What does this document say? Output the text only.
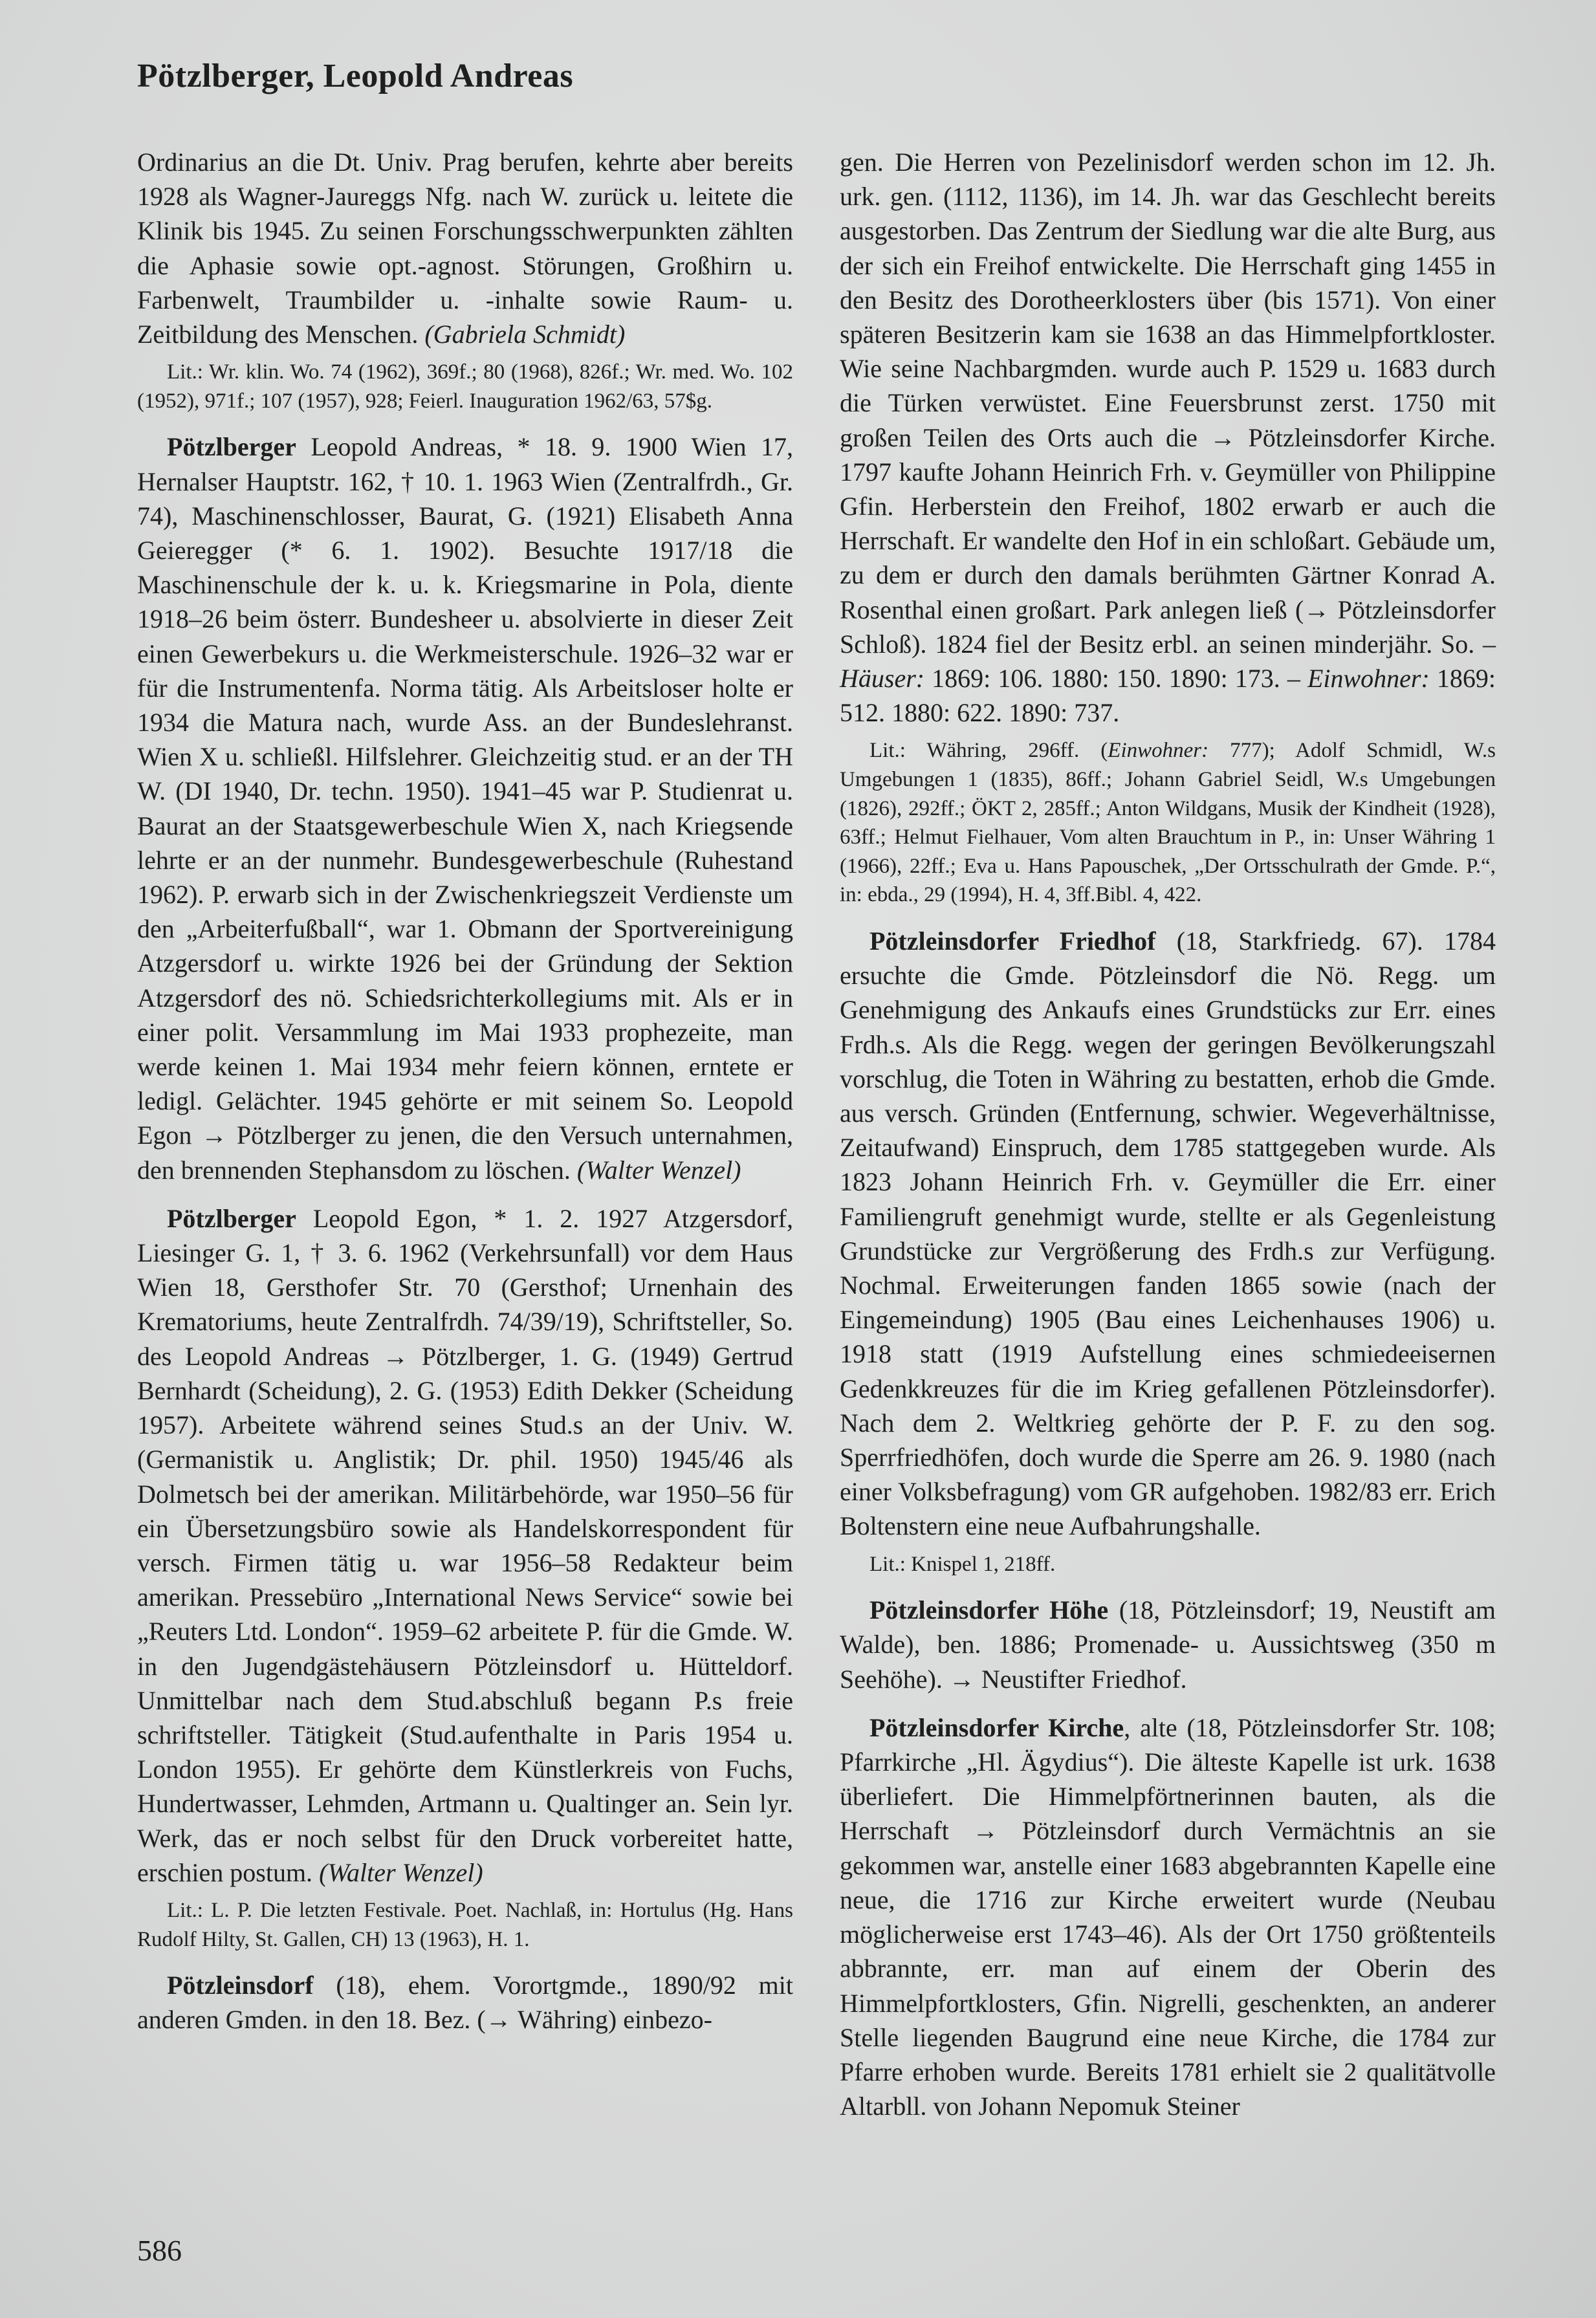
Pötzlberger, Leopold Andreas

Ordinarius an die Dt. Univ. Prag berufen, kehrte aber bereits 1928 als Wagner-Jaureggs Nfg. nach W. zurück u. leitete die Klinik bis 1945. Zu seinen Forschungsschwerpunkten zählten die Aphasie sowie opt.-agnost. Störungen, Großhirn u. Farbenwelt, Traumbilder u. -inhalte sowie Raum- u. Zeitbildung des Menschen. (Gabriela Schmidt)

Lit.: Wr. klin. Wo. 74 (1962), 369f.; 80 (1968), 826f.; Wr. med. Wo. 102 (1952), 971f.; 107 (1957), 928; Feierl. Inauguration 1962/63, 57$g.

Pötzlberger Leopold Andreas, * 18. 9. 1900 Wien 17, Hernalser Hauptstr. 162, † 10. 1. 1963 Wien (Zentralfrdh., Gr. 74), Maschinenschlosser, Baurat, G. (1921) Elisabeth Anna Geieregger (* 6. 1. 1902). Besuchte 1917/18 die Maschinenschule der k. u. k. Kriegsmarine in Pola, diente 1918–26 beim österr. Bundesheer u. absolvierte in dieser Zeit einen Gewerbekurs u. die Werkmeisterschule. 1926–32 war er für die Instrumentenfa. Norma tätig. Als Arbeitsloser holte er 1934 die Matura nach, wurde Ass. an der Bundeslehranst. Wien X u. schließl. Hilfslehrer. Gleichzeitig stud. er an der TH W. (DI 1940, Dr. techn. 1950). 1941–45 war P. Studienrat u. Baurat an der Staatsgewerbeschule Wien X, nach Kriegsende lehrte er an der nunmehr. Bundesgewerbeschule (Ruhestand 1962). P. erwarb sich in der Zwischenkriegszeit Verdienste um den „Arbeiterfußball“, war 1. Obmann der Sportvereinigung Atzgersdorf u. wirkte 1926 bei der Gründung der Sektion Atzgersdorf des nö. Schiedsrichterkollegiums mit. Als er in einer polit. Versammlung im Mai 1933 prophezeite, man werde keinen 1. Mai 1934 mehr feiern können, erntete er ledigl. Gelächter. 1945 gehörte er mit seinem So. Leopold Egon → Pötzlberger zu jenen, die den Versuch unternahmen, den brennenden Stephansdom zu löschen. (Walter Wenzel)

Pötzlberger Leopold Egon, * 1. 2. 1927 Atzgersdorf, Liesinger G. 1, † 3. 6. 1962 (Verkehrsunfall) vor dem Haus Wien 18, Gersthofer Str. 70 (Gersthof; Urnenhain des Krematoriums, heute Zentralfrdh. 74/39/19), Schriftsteller, So. des Leopold Andreas → Pötzlberger, 1. G. (1949) Gertrud Bernhardt (Scheidung), 2. G. (1953) Edith Dekker (Scheidung 1957). Arbeitete während seines Stud.s an der Univ. W. (Germanistik u. Anglistik; Dr. phil. 1950) 1945/46 als Dolmetsch bei der amerikan. Militärbehörde, war 1950–56 für ein Übersetzungsbüro sowie als Handelskorrespondent für versch. Firmen tätig u. war 1956–58 Redakteur beim amerikan. Pressebüro „International News Service“ sowie bei „Reuters Ltd. London“. 1959–62 arbeitete P. für die Gmde. W. in den Jugendgästehäusern Pötzleinsdorf u. Hütteldorf. Unmittelbar nach dem Stud.abschluß begann P.s freie schriftsteller. Tätigkeit (Stud.aufenthalte in Paris 1954 u. London 1955). Er gehörte dem Künstlerkreis von Fuchs, Hundertwasser, Lehmden, Artmann u. Qualtinger an. Sein lyr. Werk, das er noch selbst für den Druck vorbereitet hatte, erschien postum. (Walter Wenzel)

Lit.: L. P. Die letzten Festivale. Poet. Nachlaß, in: Hortulus (Hg. Hans Rudolf Hilty, St. Gallen, CH) 13 (1963), H. 1.

Pötzleinsdorf (18), ehem. Vorortgmde., 1890/92 mit anderen Gmden. in den 18. Bez. (→ Währing) einbezo-

gen. Die Herren von Pezelinisdorf werden schon im 12. Jh. urk. gen. (1112, 1136), im 14. Jh. war das Geschlecht bereits ausgestorben. Das Zentrum der Siedlung war die alte Burg, aus der sich ein Freihof entwickelte. Die Herrschaft ging 1455 in den Besitz des Dorotheerklosters über (bis 1571). Von einer späteren Besitzerin kam sie 1638 an das Himmelpfortkloster. Wie seine Nachbargmden. wurde auch P. 1529 u. 1683 durch die Türken verwüstet. Eine Feuersbrunst zerst. 1750 mit großen Teilen des Orts auch die → Pötzleinsdorfer Kirche. 1797 kaufte Johann Heinrich Frh. v. Geymüller von Philippine Gfin. Herberstein den Freihof, 1802 erwarb er auch die Herrschaft. Er wandelte den Hof in ein schloßart. Gebäude um, zu dem er durch den damals berühmten Gärtner Konrad A. Rosenthal einen großart. Park anlegen ließ (→ Pötzleinsdorfer Schloß). 1824 fiel der Besitz erbl. an seinen minderjähr. So. – Häuser: 1869: 106. 1880: 150. 1890: 173. – Einwohner: 1869: 512. 1880: 622. 1890: 737.

Lit.: Währing, 296ff. (Einwohner: 777); Adolf Schmidl, W.s Umgebungen 1 (1835), 86ff.; Johann Gabriel Seidl, W.s Umgebungen (1826), 292ff.; ÖKT 2, 285ff.; Anton Wildgans, Musik der Kindheit (1928), 63ff.; Helmut Fielhauer, Vom alten Brauchtum in P., in: Unser Währing 1 (1966), 22ff.; Eva u. Hans Papouschek, „Der Ortsschulrath der Gmde. P.“, in: ebda., 29 (1994), H. 4, 3ff.Bibl. 4, 422.

Pötzleinsdorfer Friedhof (18, Starkfriedg. 67). 1784 ersuchte die Gmde. Pötzleinsdorf die Nö. Regg. um Genehmigung des Ankaufs eines Grundstücks zur Err. eines Frdh.s. Als die Regg. wegen der geringen Bevölkerungszahl vorschlug, die Toten in Währing zu bestatten, erhob die Gmde. aus versch. Gründen (Entfernung, schwier. Wegeverhältnisse, Zeitaufwand) Einspruch, dem 1785 stattgegeben wurde. Als 1823 Johann Heinrich Frh. v. Geymüller die Err. einer Familiengruft genehmigt wurde, stellte er als Gegenleistung Grundstücke zur Vergrößerung des Frdh.s zur Verfügung. Nochmal. Erweiterungen fanden 1865 sowie (nach der Eingemeindung) 1905 (Bau eines Leichenhauses 1906) u. 1918 statt (1919 Aufstellung eines schmiedeeisernen Gedenkkreuzes für die im Krieg gefallenen Pötzleinsdorfer). Nach dem 2. Weltkrieg gehörte der P. F. zu den sog. Sperrfriedhöfen, doch wurde die Sperre am 26. 9. 1980 (nach einer Volksbefragung) vom GR aufgehoben. 1982/83 err. Erich Boltenstern eine neue Aufbahrungshalle.

Lit.: Knispel 1, 218ff.

Pötzleinsdorfer Höhe (18, Pötzleinsdorf; 19, Neustift am Walde), ben. 1886; Promenade- u. Aussichtsweg (350 m Seehöhe). → Neustifter Friedhof.

Pötzleinsdorfer Kirche, alte (18, Pötzleinsdorfer Str. 108; Pfarrkirche „Hl. Ägydius“). Die älteste Kapelle ist urk. 1638 überliefert. Die Himmelpförtnerinnen bauten, als die Herrschaft → Pötzleinsdorf durch Vermächtnis an sie gekommen war, anstelle einer 1683 abgebrannten Kapelle eine neue, die 1716 zur Kirche erweitert wurde (Neubau möglicherweise erst 1743–46). Als der Ort 1750 größtenteils abbrannte, err. man auf einem der Oberin des Himmelpfortklosters, Gfin. Nigrelli, geschenkten, an anderer Stelle liegenden Baugrund eine neue Kirche, die 1784 zur Pfarre erhoben wurde. Bereits 1781 erhielt sie 2 qualitätvolle Altarbll. von Johann Nepomuk Steiner

586
